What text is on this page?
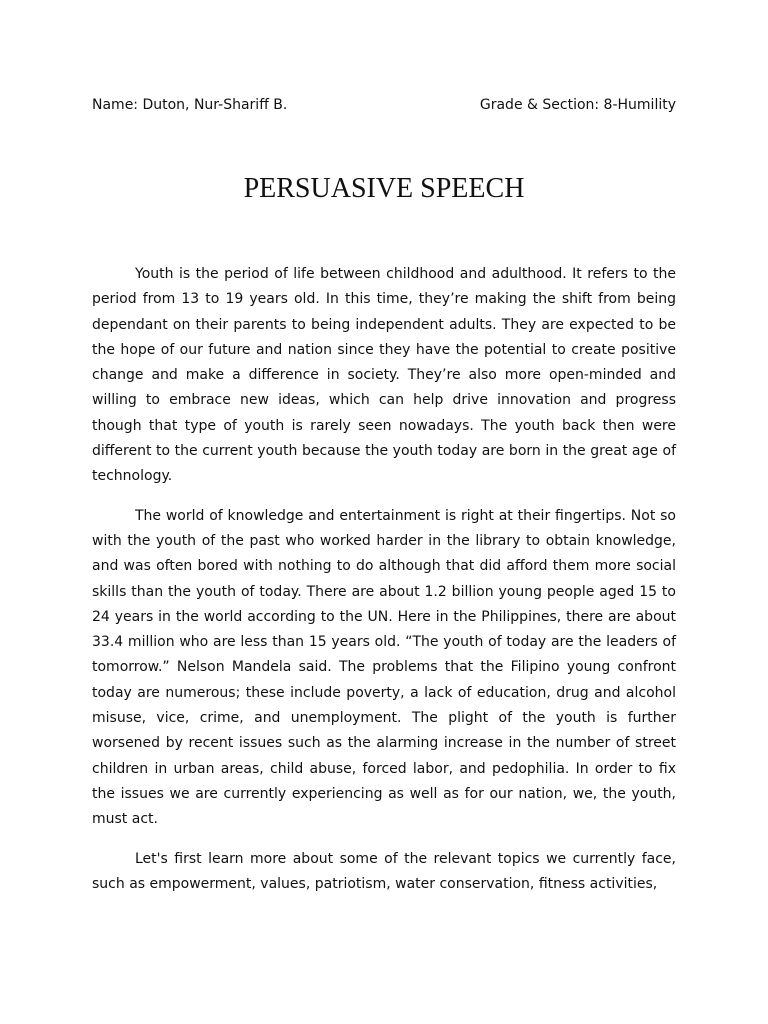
Name: Duton, Nur-Shariff B.	Grade & Section: 8-Humility
PERSUASIVE SPEECH

Youth is the period of life between childhood and adulthood. It refers to the period from 13 to 19 years old. In this time, they’re making the shift from being dependant on their parents to being independent adults. They are expected to be the hope of our future and nation since they have the potential to create positive change and make a difference in society. They’re also more open-minded and willing to embrace new ideas, which can help drive innovation and progress though that type of youth is rarely seen nowadays. The youth back then were different to the current youth because the youth today are born in the great age of technology.

The world of knowledge and entertainment is right at their fingertips. Not so with the youth of the past who worked harder in the library to obtain knowledge, and was often bored with nothing to do although that did afford them more social skills than the youth of today. There are about 1.2 billion young people aged 15 to 24 years in the world according to the UN. Here in the Philippines, there are about 33.4 million who are less than 15 years old. “The youth of today are the leaders of tomorrow.” Nelson Mandela said. The problems that the Filipino young confront today are numerous; these include poverty, a lack of education, drug and alcohol misuse, vice, crime, and unemployment. The plight of the youth is further worsened by recent issues such as the alarming increase in the number of street children in urban areas, child abuse, forced labor, and pedophilia. In order to fix the issues we are currently experiencing as well as for our nation, we, the youth, must act.

Let's first learn more about some of the relevant topics we currently face, such as empowerment, values, patriotism, water conservation, fitness activities,
